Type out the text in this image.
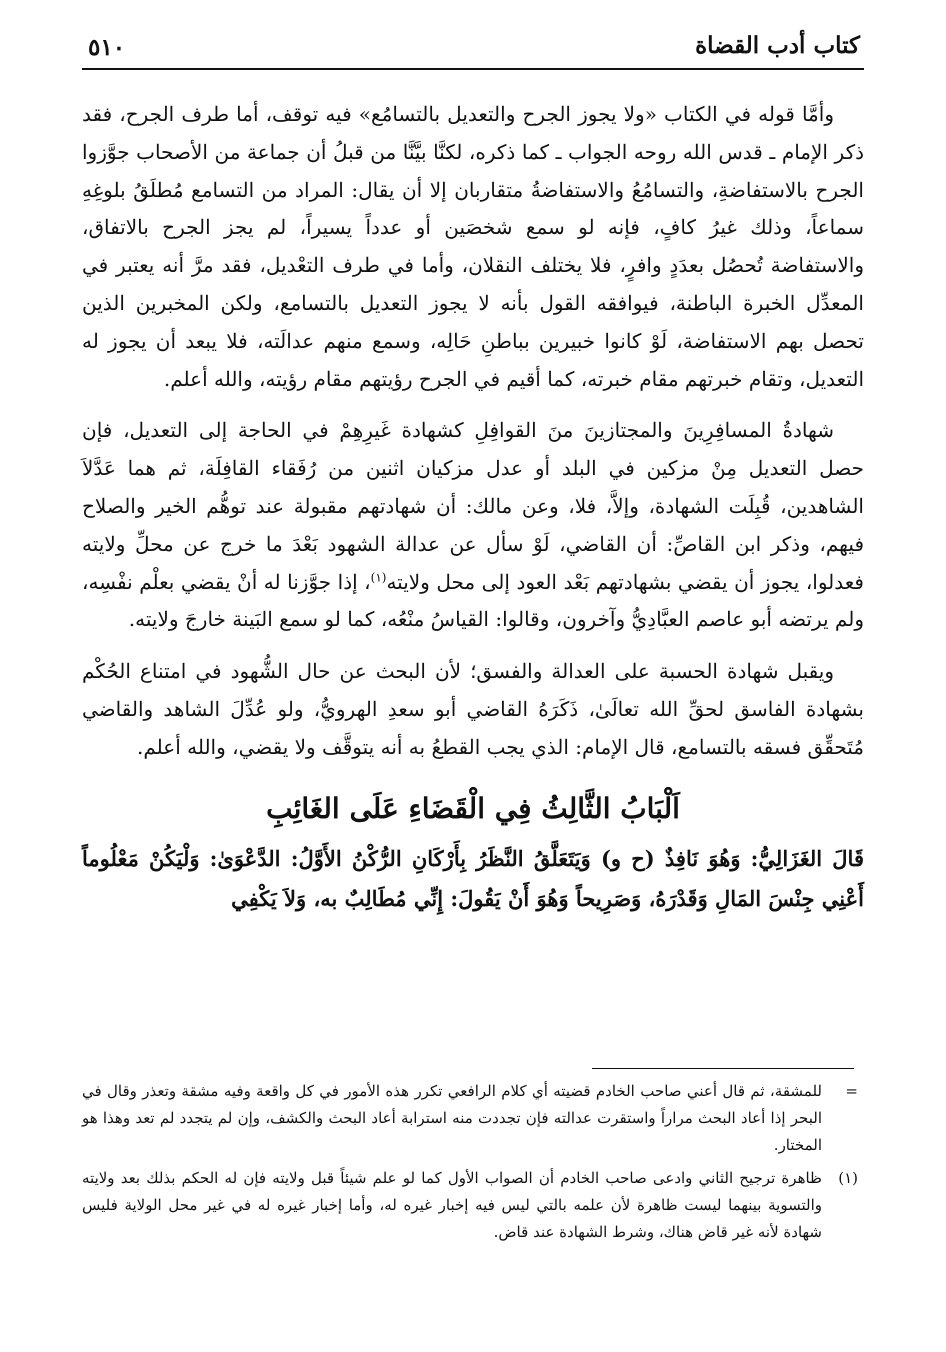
كتاب أدب القضاة
٥١٠

وأمَّا قوله في الكتاب «ولا يجوز الجرح والتعديل بالتسامُع» فيه توقف، أما طرف الجرح، فقد ذكر الإمام ـ قدس الله روحه الجواب ـ كما ذكره، لكنَّا بيَّنَّا من قبلُ أن جماعة من الأصحاب جوَّزوا الجرح بالاستفاضةِ، والتسامُعُ والاستفاضةُ متقاربان إلا أن يقال: المراد من التسامع مُطلَقُ بلوغِهِ سماعاً، وذلك غيرُ كافٍ، فإنه لو سمع شخصَين أو عدداً يسيراً، لم يجز الجرح بالاتفاق، والاستفاضة تُحصُل بعدَدٍ وافرٍ، فلا يختلف النقلان، وأما في طرف التعْديل، فقد مرَّ أنه يعتبر في المعدِّل الخبرة الباطنة، فيوافقه القول بأنه لا يجوز التعديل بالتسامع، ولكن المخبرين الذين تحصل بهم الاستفاضة، لَوْ كانوا خبيرين بباطنِ حَالِه، وسمع منهم عدالَته، فلا يبعد أن يجوز له التعديل، وتقام خبرتهم مقام خبرته، كما أقيم في الجرح رؤيتهم مقام رؤيته، والله أعلم.

شهادةُ المسافِرِينَ والمجتازينَ منَ القوافِلِ كشهادة غَيرِهِمْ في الحاجة إلى التعديل، فإن حصل التعديل مِنْ مزكين في البلد أو عدل مزكيان اثنين من رُفَقاء القافِلَة، ثم هما عَدَّلاَ الشاهدين، قُبِلَت الشهادة، وإلاَّ، فلا، وعن مالك: أن شهادتهم مقبولة عند توهُّم الخير والصلاح فيهم، وذكر ابن القاصِّ: أن القاضي، لَوْ سأل عن عدالة الشهود بَعْدَ ما خرج عن محلِّ ولايته فعدلوا، يجوز أن يقضي بشهادتهم بَعْد العود إلى محل ولايته$^{(١)}$، إذا جوَّزنا له أنْ يقضي بعلْم نفْسِه، ولم يرتضه أبو عاصم العبَّادِيُّ وآخرون، وقالوا: القياسُ منْعُه، كما لو سمع البَينة خارجَ ولايته.

ويقبل شهادة الحسبة على العدالة والفسق؛ لأن البحث عن حال الشُّهود في امتناع الحُكْم بشهادة الفاسق لحقِّ الله تعالَىٰ، ذَكَرَهُ القاضي أبو سعدِ الهرويُّ، ولو عُدِّلَ الشاهد والقاضي مُتَحقِّق فسقه بالتسامع، قال الإمام: الذي يجب القطعُ به أنه يتوقَّف ولا يقضي، والله أعلم.

اَلْبَابُ الثَّالِثُ فِي الْقَضَاءِ عَلَى الغَائِبِ

قَالَ الغَزَالِيُّ: وَهُوَ نَافِذٌ (ح و) وَيَتَعَلَّقُ النَّظَرُ بِأَرْكَانِ الرُّكْنُ الأَوَّلُ: الدَّعْوَىٰ: وَلْيَكُنْ مَعْلُوماً أَعْنِي جِنْسَ المَالِ وَقَدْرَهُ، وَصَرِيحاً وَهُوَ أَنْ يَقُولَ: إِنِّي مُطَالِبٌ به، وَلاَ يَكْفِي

=
للمشقة، ثم قال أعني صاحب الخادم قضيته أي كلام الرافعي تكرر هذه الأمور في كل واقعة وفيه مشقة وتعذر وقال في البحر إذا أعاد البحث مراراً واستقرت عدالته فإن تجددت منه استرابة أعاد البحث والكشف، وإن لم يتجدد لم تعد وهذا هو المختار.
(١)
ظاهرة ترجيح الثاني وادعى صاحب الخادم أن الصواب الأول كما لو علم شيئاً قبل ولايته فإن له الحكم بذلك بعد ولايته والتسوية بينهما ليست ظاهرة لأن علمه بالتي ليس فيه إخبار غيره له، وأما إخبار غيره له في غير محل الولاية فليس شهادة لأنه غير قاض هناك، وشرط الشهادة عند قاض.
